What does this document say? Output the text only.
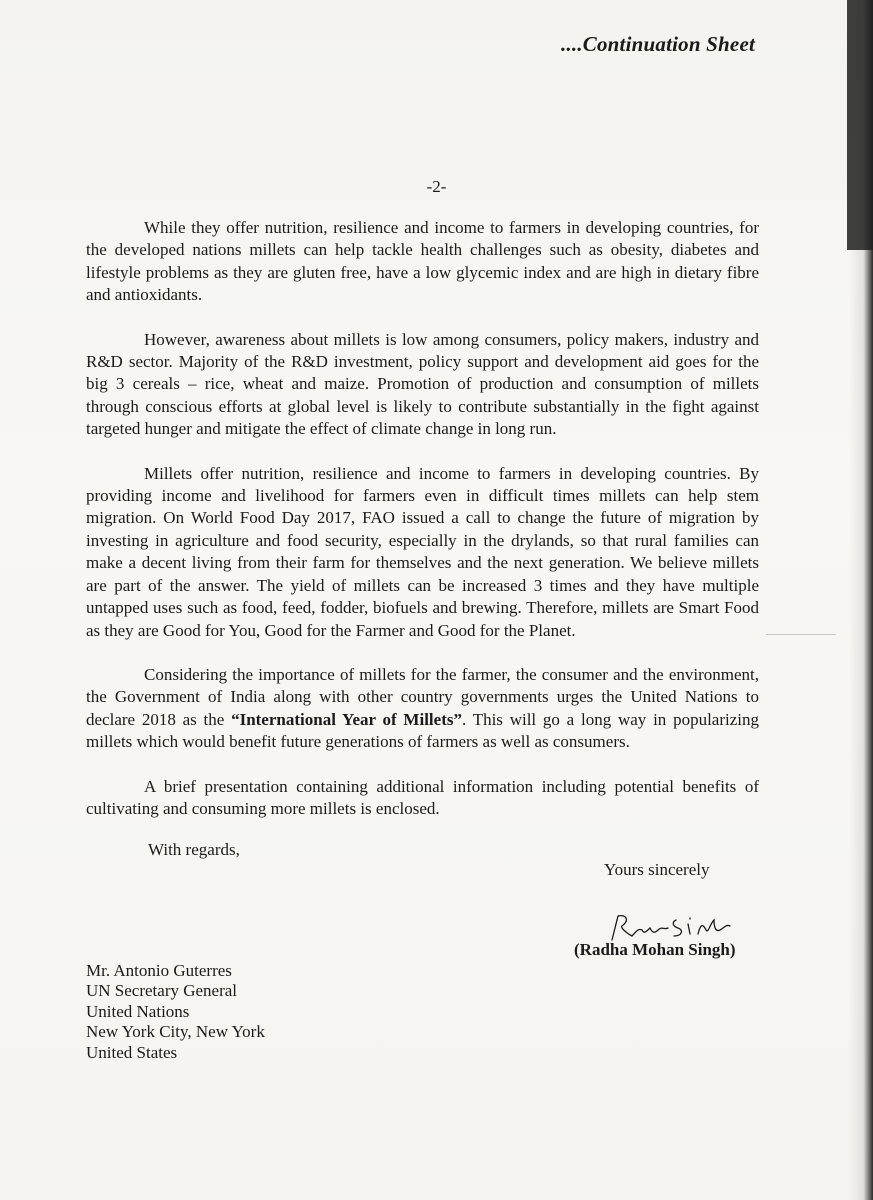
....Continuation Sheet
-2-

While they offer nutrition, resilience and income to farmers in developing countries, for the developed nations millets can help tackle health challenges such as obesity, diabetes and lifestyle problems as they are gluten free, have a low glycemic index and are high in dietary fibre and antioxidants.

However, awareness about millets is low among consumers, policy makers, industry and R&D sector. Majority of the R&D investment, policy support and development aid goes for the big 3 cereals – rice, wheat and maize. Promotion of production and consumption of millets through conscious efforts at global level is likely to contribute substantially in the fight against targeted hunger and mitigate the effect of climate change in long run.

Millets offer nutrition, resilience and income to farmers in developing countries. By providing income and livelihood for farmers even in difficult times millets can help stem migration. On World Food Day 2017, FAO issued a call to change the future of migration by investing in agriculture and food security, especially in the drylands, so that rural families can make a decent living from their farm for themselves and the next generation. We believe millets are part of the answer. The yield of millets can be increased 3 times and they have multiple untapped uses such as food, feed, fodder, biofuels and brewing. Therefore, millets are Smart Food as they are Good for You, Good for the Farmer and Good for the Planet.

Considering the importance of millets for the farmer, the consumer and the environment, the Government of India along with other country governments urges the United Nations to declare 2018 as the “International Year of Millets”. This will go a long way in popularizing millets which would benefit future generations of farmers as well as consumers.

A brief presentation containing additional information including potential benefits of cultivating and consuming more millets is enclosed.

With regards,
Yours sincerely
(Radha Mohan Singh)
Mr. Antonio Guterres
UN Secretary General
United Nations
New York City, New York
United States
